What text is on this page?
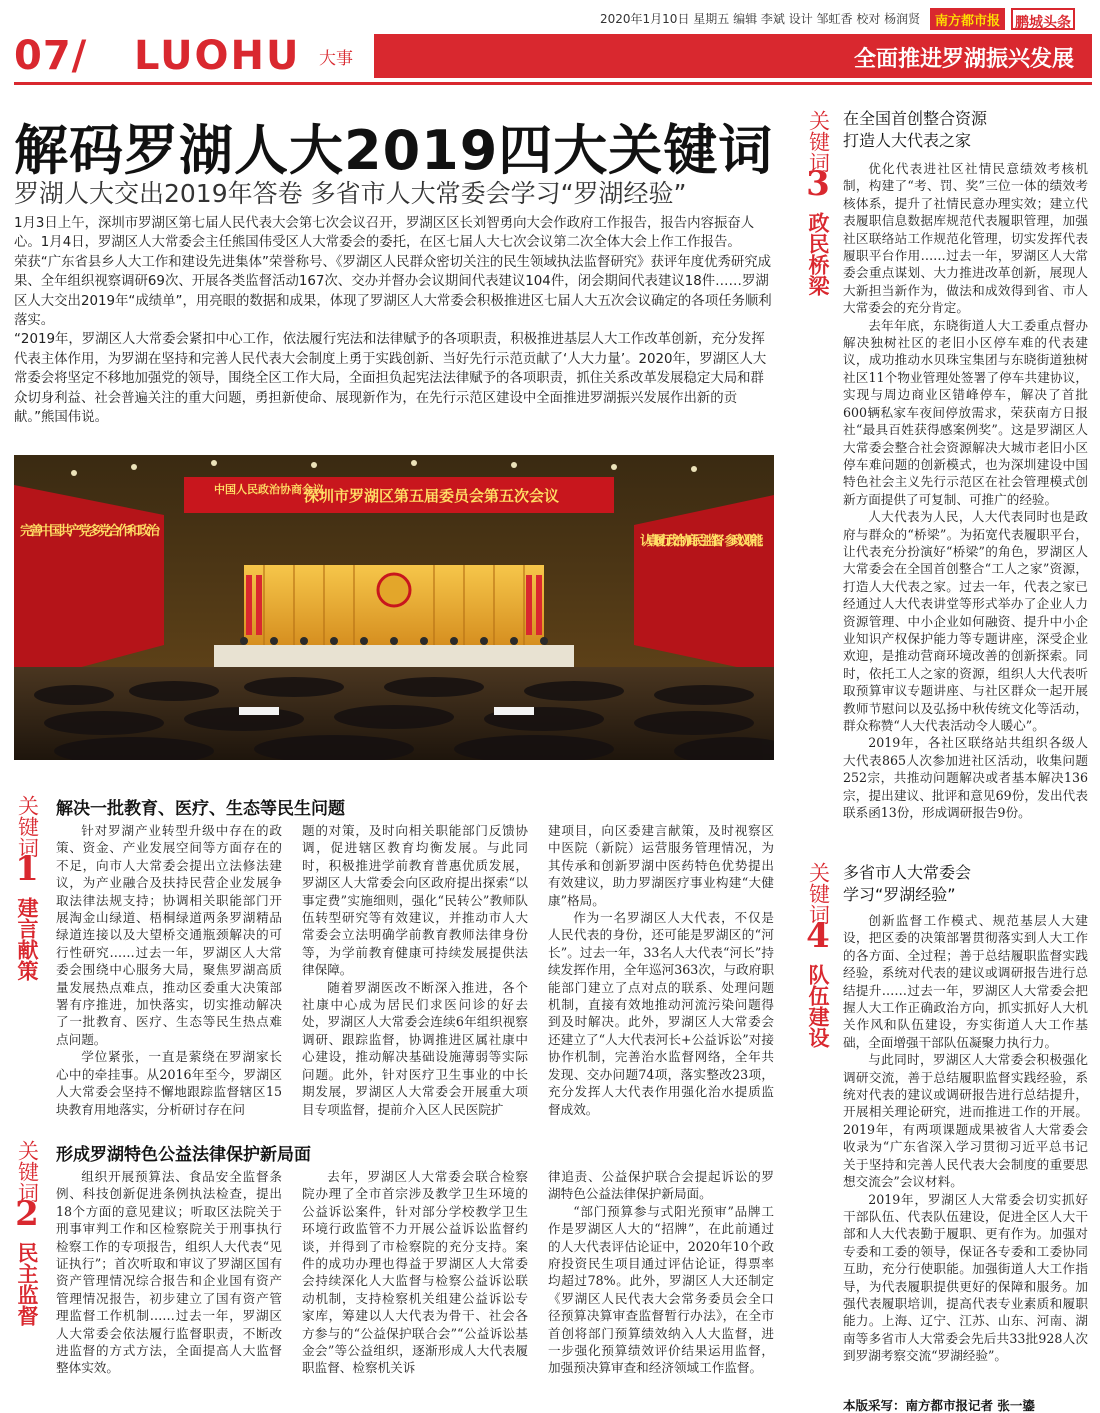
2020年1月10日 星期五 编辑 李斌 设计 邹虹香 校对 杨润贤	南方都市报	鹏城头条
07/ LUOHU 大事	全面推进罗湖振兴发展
解码罗湖人大2019四大关键词
罗湖人大交出2019年答卷 多省市人大常委会学习“罗湖经验”

1月3日上午，深圳市罗湖区第七届人民代表大会第七次会议召开，罗湖区区长刘智勇向大会作政府工作报告，报告内容振奋人心。1月4日，罗湖区人大常委会主任熊国伟受区人大常委会的委托，在区七届人大七次会议第二次全体大会上作工作报告。

荣获“广东省县乡人大工作和建设先进集体”荣誉称号、《罗湖区人民群众密切关注的民生领域执法监督研究》获评年度优秀研究成果、全年组织视察调研69次、开展各类监督活动167次、交办并督办会议期间代表建议104件，闭会期间代表建议18件……罗湖区人大交出2019年“成绩单”，用亮眼的数据和成果，体现了罗湖区人大常委会积极推进区七届人大五次会议确定的各项任务顺利落实。

“2019年，罗湖区人大常委会紧扣中心工作，依法履行宪法和法律赋予的各项职责，积极推进基层人大工作改革创新，充分发挥代表主体作用，为罗湖在坚持和完善人民代表大会制度上勇于实践创新、当好先行示范贡献了‘人大力量’。2020年，罗湖区人大常委会将坚定不移地加强党的领导，围绕全区工作大局，全面担负起宪法法律赋予的各项职责，抓住关系改革发展稳定大局和群众切身利益、社会普遍关注的重大问题，勇担新使命、展现新作为，在先行示范区建设中全面推进罗湖振兴发展作出新的贡献。”熊国伟说。

中国人民政治协商会议
深圳市罗湖区第五届委员会第五次会议
完善中国共产党多党合作和政治
认真履行政治协商民主监督、参政议职能！
关键词
1
建言献策
解决一批教育、医疗、生态等民生问题

针对罗湖产业转型升级中存在的政策、资金、产业发展空间等方面存在的不足，向市人大常委会提出立法修法建议，为产业融合及扶持民营企业发展争取法律法规支持；协调相关职能部门开展淘金山绿道、梧桐绿道两条罗湖精品绿道连接以及大望桥交通瓶颈解决的可行性研究……过去一年，罗湖区人大常委会围绕中心服务大局，聚焦罗湖高质量发展热点难点，推动区委重大决策部署有序推进，加快落实，切实推动解决了一批教育、医疗、生态等民生热点难点问题。

学位紧张，一直是萦绕在罗湖家长心中的牵挂事。从2016年至今，罗湖区人大常委会坚持不懈地跟踪监督辖区15块教育用地落实，分析研讨存在问

题的对策，及时向相关职能部门反馈协调，促进辖区教育均衡发展。与此同时，积极推进学前教育普惠优质发展，罗湖区人大常委会向区政府提出探索“以事定费”实施细则，强化“民转公”教师队伍转型研究等有效建议，并推动市人大常委会立法明确学前教育教师法律身份等，为学前教育健康可持续发展提供法律保障。

随着罗湖医改不断深入推进，各个社康中心成为居民们求医问诊的好去处，罗湖区人大常委会连续6年组织视察调研、跟踪监督，协调推进区属社康中心建设，推动解决基础设施薄弱等实际问题。此外，针对医疗卫生事业的中长期发展，罗湖区人大常委会开展重大项目专项监督，提前介入区人民医院扩

建项目，向区委建言献策，及时视察区中医院（新院）运营服务管理情况，为其传承和创新罗湖中医药特色优势提出有效建议，助力罗湖医疗事业构建“大健康”格局。

作为一名罗湖区人大代表，不仅是人民代表的身份，还可能是罗湖区的“河长”。过去一年，33名人大代表“河长”持续发挥作用，全年巡河363次，与政府职能部门建立了点对点的联系、处理问题机制，直接有效地推动河流污染问题得到及时解决。此外，罗湖区人大常委会还建立了“人大代表河长+公益诉讼”对接协作机制，完善治水监督网络，全年共发现、交办问题74项，落实整改23项，充分发挥人大代表作用强化治水提质监督成效。

关键词
2
民主监督
形成罗湖特色公益法律保护新局面

组织开展预算法、食品安全监督条例、科技创新促进条例执法检查，提出18个方面的意见建议；听取区法院关于刑事审判工作和区检察院关于刑事执行检察工作的专项报告，组织人大代表“见证执行”；首次听取和审议了罗湖区国有资产管理情况综合报告和企业国有资产管理情况报告，初步建立了国有资产管理监督工作机制……过去一年，罗湖区人大常委会依法履行监督职责，不断改进监督的方式方法，全面提高人大监督整体实效。

去年，罗湖区人大常委会联合检察院办理了全市首宗涉及教学卫生环境的公益诉讼案件，针对部分学校教学卫生环境行政监管不力开展公益诉讼监督约谈，并得到了市检察院的充分支持。案件的成功办理也得益于罗湖区人大常委会持续深化人大监督与检察公益诉讼联动机制，支持检察机关组建公益诉讼专家库，筹建以人大代表为骨干、社会各方参与的“公益保护联合会”“公益诉讼基金会”等公益组织，逐渐形成人大代表履职监督、检察机关诉

律追责、公益保护联合会提起诉讼的罗湖特色公益法律保护新局面。

“部门预算参与式阳光预审”品牌工作是罗湖区人大的“招牌”，在此前通过的人大代表评估论证中，2020年10个政府投资民生项目通过评估论证，得票率均超过78%。此外，罗湖区人大还制定《罗湖区人民代表大会常务委员会全口径预算决算审查监督暂行办法》，在全市首创将部门预算绩效纳入人大监督，进一步强化预算绩效评价结果运用监督，加强预决算审查和经济领域工作监督。

关键词
3
政民桥梁
在全国首创整合资源
打造人大代表之家

优化代表进社区社情民意绩效考核机制，构建了“考、罚、奖”三位一体的绩效考核体系，提升了社情民意办理实效；建立代表履职信息数据库规范代表履职管理，加强社区联络站工作规范化管理，切实发挥代表履职平台作用……过去一年，罗湖区人大常委会重点谋划、大力推进改革创新，展现人大新担当新作为，做法和成效得到省、市人大常委会的充分肯定。

去年年底，东晓街道人大工委重点督办解决独树社区的老旧小区停车难的代表建议，成功推动水贝珠宝集团与东晓街道独树社区11个物业管理处签署了停车共建协议，实现与周边商业区错峰停车，解决了首批600辆私家车夜间停放需求，荣获南方日报社“最具百姓获得感案例奖”。这是罗湖区人大常委会整合社会资源解决大城市老旧小区停车难问题的创新模式，也为深圳建设中国特色社会主义先行示范区在社会管理模式创新方面提供了可复制、可推广的经验。

人大代表为人民，人大代表同时也是政府与群众的“桥梁”。为拓宽代表履职平台，让代表充分扮演好“桥梁”的角色，罗湖区人大常委会在全国首创整合“工人之家”资源，打造人大代表之家。过去一年，代表之家已经通过人大代表讲堂等形式举办了企业人力资源管理、中小企业如何融资、提升中小企业知识产权保护能力等专题讲座，深受企业欢迎，是推动营商环境改善的创新探索。同时，依托工人之家的资源，组织人大代表听取预算审议专题讲座、与社区群众一起开展教师节慰问以及弘扬中秋传统文化等活动，群众称赞“人大代表活动令人暖心”。

2019年，各社区联络站共组织各级人大代表865人次参加进社区活动，收集问题252宗，共推动问题解决或者基本解决136宗，提出建议、批评和意见69份，发出代表联系函13份，形成调研报告9份。

关键词
4
队伍建设
多省市人大常委会
学习“罗湖经验”

创新监督工作模式、规范基层人大建设，把区委的决策部署贯彻落实到人大工作的各方面、全过程；善于总结履职监督实践经验，系统对代表的建议或调研报告进行总结提升……过去一年，罗湖区人大常委会把握人大工作正确政治方向，抓实抓好人大机关作风和队伍建设，夯实街道人大工作基础，全面增强干部队伍凝聚力执行力。

与此同时，罗湖区人大常委会积极强化调研交流，善于总结履职监督实践经验，系统对代表的建议或调研报告进行总结提升，开展相关理论研究，进而推进工作的开展。2019年，有两项课题成果被省人大常委会收录为“广东省深入学习贯彻习近平总书记关于坚持和完善人民代表大会制度的重要思想交流会”会议材料。

2019年，罗湖区人大常委会切实抓好干部队伍、代表队伍建设，促进全区人大干部和人大代表勤于履职、更有作为。加强对专委和工委的领导，保证各专委和工委协同互助，充分行使职能。加强街道人大工作指导，为代表履职提供更好的保障和服务。加强代表履职培训，提高代表专业素质和履职能力。上海、辽宁、江苏、山东、河南、湖南等多省市人大常委会先后共33批928人次到罗湖考察交流“罗湖经验”。

本版采写：南方都市报记者 张一鎏
